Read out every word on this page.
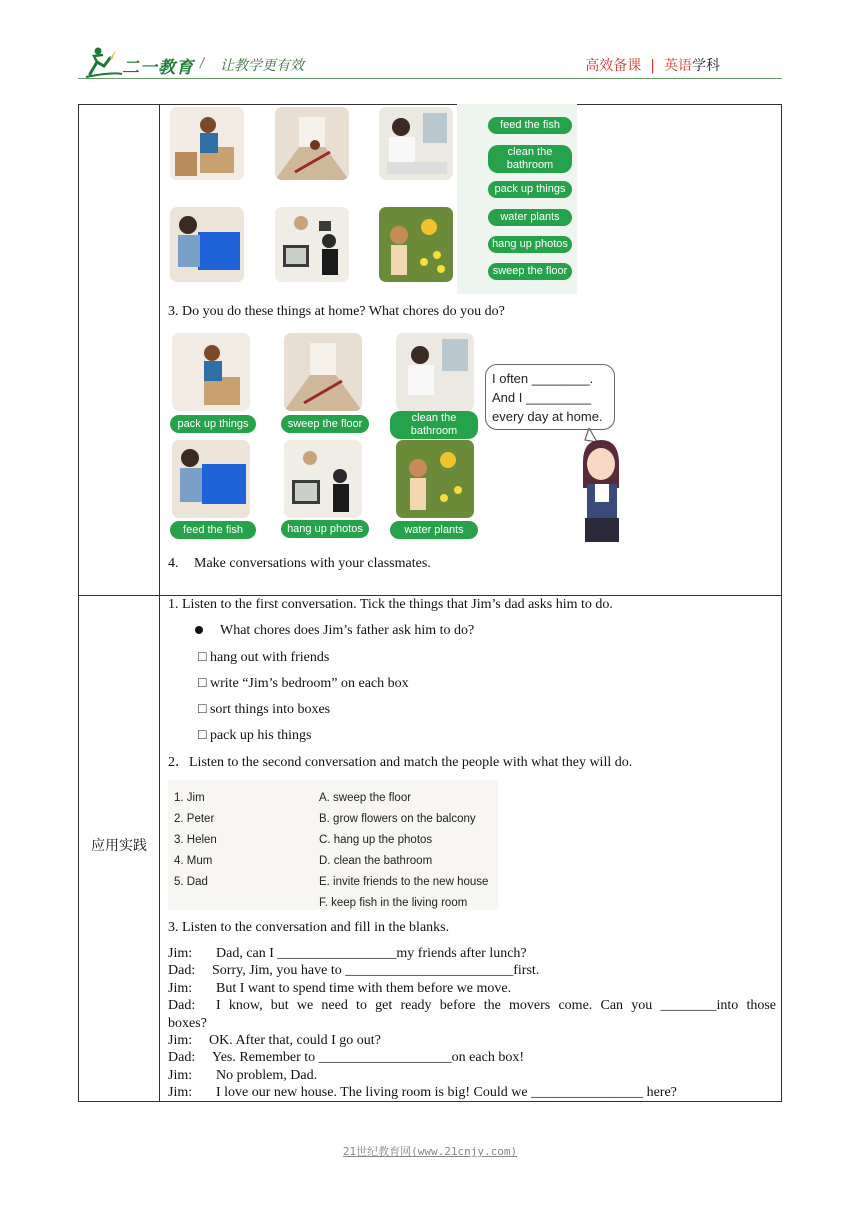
二一教育 / 让教学更有效	高效备课 | 英语学科
应用实践
feed the fish
clean the bathroom
pack up things
water plants
hang up photos
sweep the floor
3. Do you do these things at home? What chores do you do?
pack up things	sweep the floor	clean the bathroom
feed the fish	hang up photos	water plants
I often ________.
And I _________
every day at home.
4. Make conversations with your classmates.
1. Listen to the first conversation. Tick the things that Jim’s dad asks him to do.
What chores does Jim’s father ask him to do?
□ hang out with friends
□ write “Jim’s bedroom” on each box
□ sort things into boxes
□ pack up his things
2．Listen to the second conversation and match the people with what they will do.
1. Jim
2. Peter
3. Helen
4. Mum
5. Dad
A. sweep the floor
B. grow flowers on the balcony
C. hang up the photos
D. clean the bathroom
E. invite friends to the new house
F. keep fish in the living room
3. Listen to the conversation and fill in the blanks.
Jim: Dad, can I _________________my friends after lunch?
Dad: Sorry, Jim, you have to ________________________first.
Jim: But I want to spend time with them before we move.
Dad:	I know, but we need to get ready before the movers come. Can you ________into those
boxes?
Jim: OK. After that, could I go out?
Dad: Yes. Remember to ___________________on each box!
Jim: No problem, Dad.
Jim: I love our new house. The living room is big! Could we ________________ here?
21世纪教育网(www.21cnjy.com)
